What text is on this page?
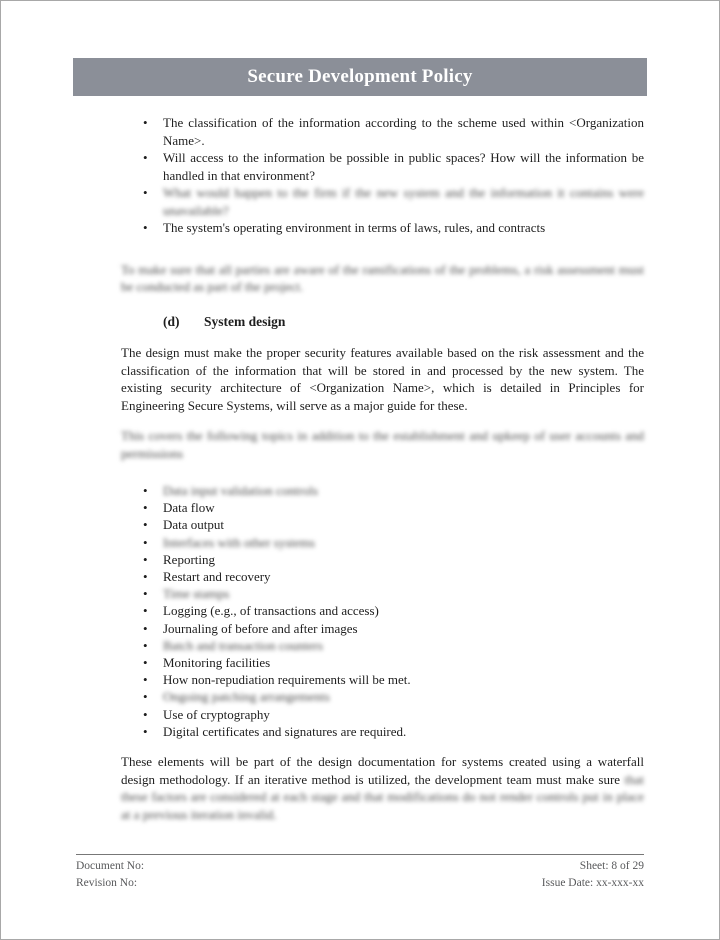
Secure Development Policy
•
The classification of the information according to the scheme used within <Organization Name>.
•
Will access to the information be possible in public spaces? How will the information be handled in that environment?
•
What would happen to the firm if the new system and the information it contains were unavailable?
•
The system's operating environment in terms of laws, rules, and contracts

To make sure that all parties are aware of the ramifications of the problems, a risk assessment must be conducted as part of the project.

(d) System design

The design must make the proper security features available based on the risk assessment and the classification of the information that will be stored in and processed by the new system. The existing security architecture of <Organization Name>, which is detailed in Principles for Engineering Secure Systems, will serve as a major guide for these.

This covers the following topics in addition to the establishment and upkeep of user accounts and permissions

•
Data input validation controls
•
Data flow
•
Data output
•
Interfaces with other systems
•
Reporting
•
Restart and recovery
•
Time stamps
•
Logging (e.g., of transactions and access)
•
Journaling of before and after images
•
Batch and transaction counters
•
Monitoring facilities
•
How non-repudiation requirements will be met.
•
Ongoing patching arrangements
•
Use of cryptography
•
Digital certificates and signatures are required.

These elements will be part of the design documentation for systems created using a waterfall design methodology. If an iterative method is utilized, the development team must make sure that these factors are considered at each stage and that modifications do not render controls put in place at a previous iteration invalid.

Document No:
Revision No:
Sheet: 8 of 29
Issue Date: xx-xxx-xx
